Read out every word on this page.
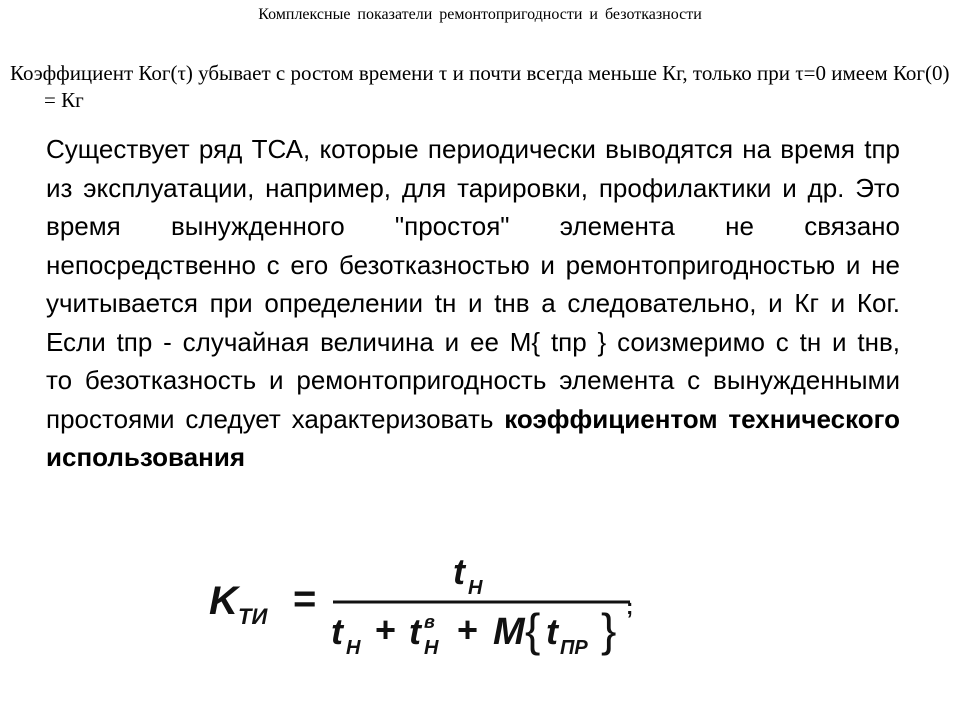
Комплексные показатели ремонтопригодности и безотказности

Коэффициент Ког(τ) убывает с ростом времени τ и почти всегда меньше Кг, только при τ=0 имеем Ког(0) = Кг

Существует ряд ТСА, которые периодически выводятся на время tпр из эксплуатации, например, для тарировки, профилактики и др. Это время вынужденного "простоя" элемента не связано непосредственно с его безотказностью и ремонтопригодностью и не учитывается при определении tн и tнв а следовательно, и Кг и Ког. Если tпр - случайная величина и ее М{ tпр } соизмеримо с tн и tнв, то безотказность и ремонтопригодность элемента с вынужденными простоями следует характеризовать коэффициентом технического использования

K ТИ =
t H
t H + t в
H + M { t ПР } ;
